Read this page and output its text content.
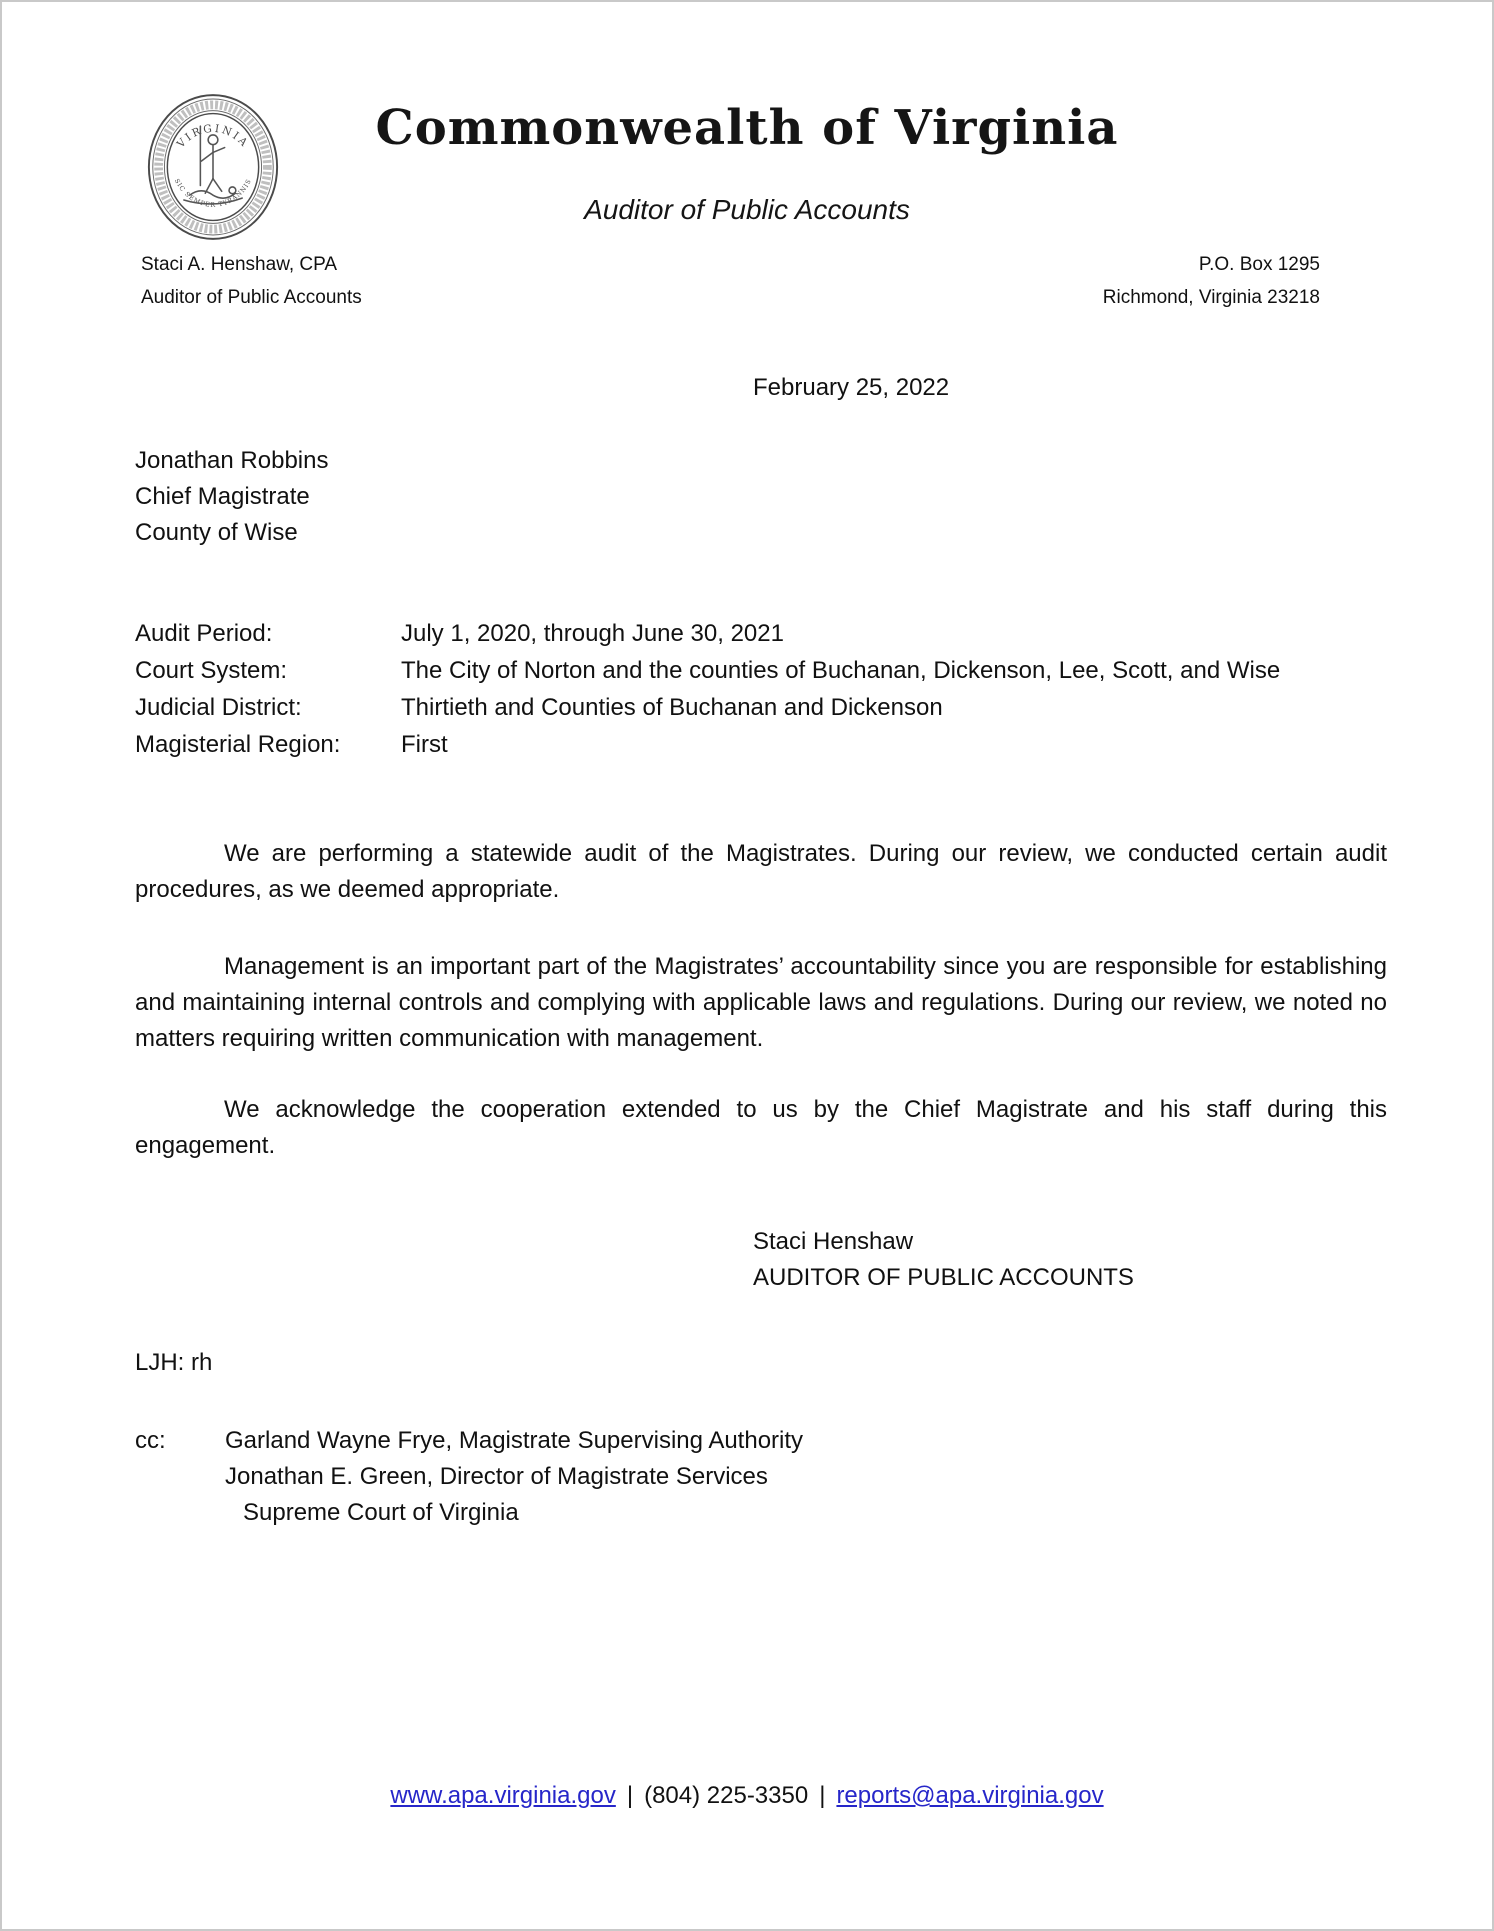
VIRGINIA
SIC SEMPER TYRANNIS
Commonwealth of Virginia
Auditor of Public Accounts
Staci A. Henshaw, CPA
Auditor of Public Accounts
P.O. Box 1295
Richmond, Virginia 23218
February 25, 2022
Jonathan Robbins
Chief Magistrate
County of Wise
Audit Period:	July 1, 2020, through June 30, 2021
Court System:	The City of Norton and the counties of Buchanan, Dickenson, Lee, Scott, and Wise
Judicial District:	Thirtieth and Counties of Buchanan and Dickenson
Magisterial Region:	First
We are performing a statewide audit of the Magistrates. During our review, we conducted certain audit procedures, as we deemed appropriate.
Management is an important part of the Magistrates’ accountability since you are responsible for establishing and maintaining internal controls and complying with applicable laws and regulations. During our review, we noted no matters requiring written communication with management.
We acknowledge the cooperation extended to us by the Chief Magistrate and his staff during this engagement.
Staci Henshaw
AUDITOR OF PUBLIC ACCOUNTS
LJH: rh
cc:	Garland Wayne Frye, Magistrate Supervising Authority
Jonathan E. Green, Director of Magistrate Services
Supreme Court of Virginia
www.apa.virginia.gov | (804) 225-3350 | reports@apa.virginia.gov
